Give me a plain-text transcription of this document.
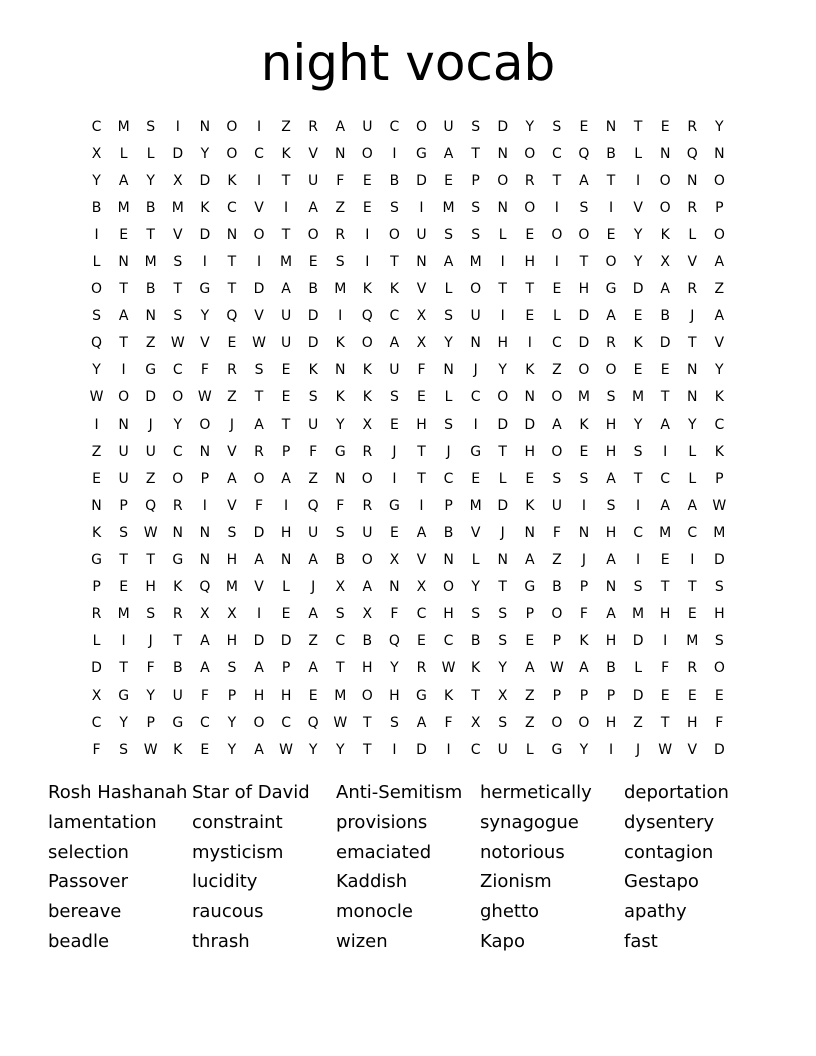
night vocab
C	M	S	I	N	O	I	Z	R	A	U	C	O	U	S	D	Y	S	E	N	T	E	R	Y
X	L	L	D	Y	O	C	K	V	N	O	I	G	A	T	N	O	C	Q	B	L	N	Q	N
Y	A	Y	X	D	K	I	T	U	F	E	B	D	E	P	O	R	T	A	T	I	O	N	O
B	M	B	M	K	C	V	I	A	Z	E	S	I	M	S	N	O	I	S	I	V	O	R	P
I	E	T	V	D	N	O	T	O	R	I	O	U	S	S	L	E	O	O	E	Y	K	L	O
L	N	M	S	I	T	I	M	E	S	I	T	N	A	M	I	H	I	T	O	Y	X	V	A
O	T	B	T	G	T	D	A	B	M	K	K	V	L	O	T	T	E	H	G	D	A	R	Z
S	A	N	S	Y	Q	V	U	D	I	Q	C	X	S	U	I	E	L	D	A	E	B	J	A
Q	T	Z	W	V	E	W	U	D	K	O	A	X	Y	N	H	I	C	D	R	K	D	T	V
Y	I	G	C	F	R	S	E	K	N	K	U	F	N	J	Y	K	Z	O	O	E	E	N	Y
W	O	D	O	W	Z	T	E	S	K	K	S	E	L	C	O	N	O	M	S	M	T	N	K
I	N	J	Y	O	J	A	T	U	Y	X	E	H	S	I	D	D	A	K	H	Y	A	Y	C
Z	U	U	C	N	V	R	P	F	G	R	J	T	J	G	T	H	O	E	H	S	I	L	K
E	U	Z	O	P	A	O	A	Z	N	O	I	T	C	E	L	E	S	S	A	T	C	L	P
N	P	Q	R	I	V	F	I	Q	F	R	G	I	P	M	D	K	U	I	S	I	A	A	W
K	S	W	N	N	S	D	H	U	S	U	E	A	B	V	J	N	F	N	H	C	M	C	M
G	T	T	G	N	H	A	N	A	B	O	X	V	N	L	N	A	Z	J	A	I	E	I	D
P	E	H	K	Q	M	V	L	J	X	A	N	X	O	Y	T	G	B	P	N	S	T	T	S
R	M	S	R	X	X	I	E	A	S	X	F	C	H	S	S	P	O	F	A	M	H	E	H
L	I	J	T	A	H	D	D	Z	C	B	Q	E	C	B	S	E	P	K	H	D	I	M	S
D	T	F	B	A	S	A	P	A	T	H	Y	R	W	K	Y	A	W	A	B	L	F	R	O
X	G	Y	U	F	P	H	H	E	M	O	H	G	K	T	X	Z	P	P	P	D	E	E	E
C	Y	P	G	C	Y	O	C	Q	W	T	S	A	F	X	S	Z	O	O	H	Z	T	H	F
F	S	W	K	E	Y	A	W	Y	Y	T	I	D	I	C	U	L	G	Y	I	J	W	V	D
Rosh Hashanah
lamentation
selection
Passover
bereave
beadle
Star of David
constraint
mysticism
lucidity
raucous
thrash
Anti-Semitism
provisions
emaciated
Kaddish
monocle
wizen
hermetically
synagogue
notorious
Zionism
ghetto
Kapo
deportation
dysentery
contagion
Gestapo
apathy
fast
